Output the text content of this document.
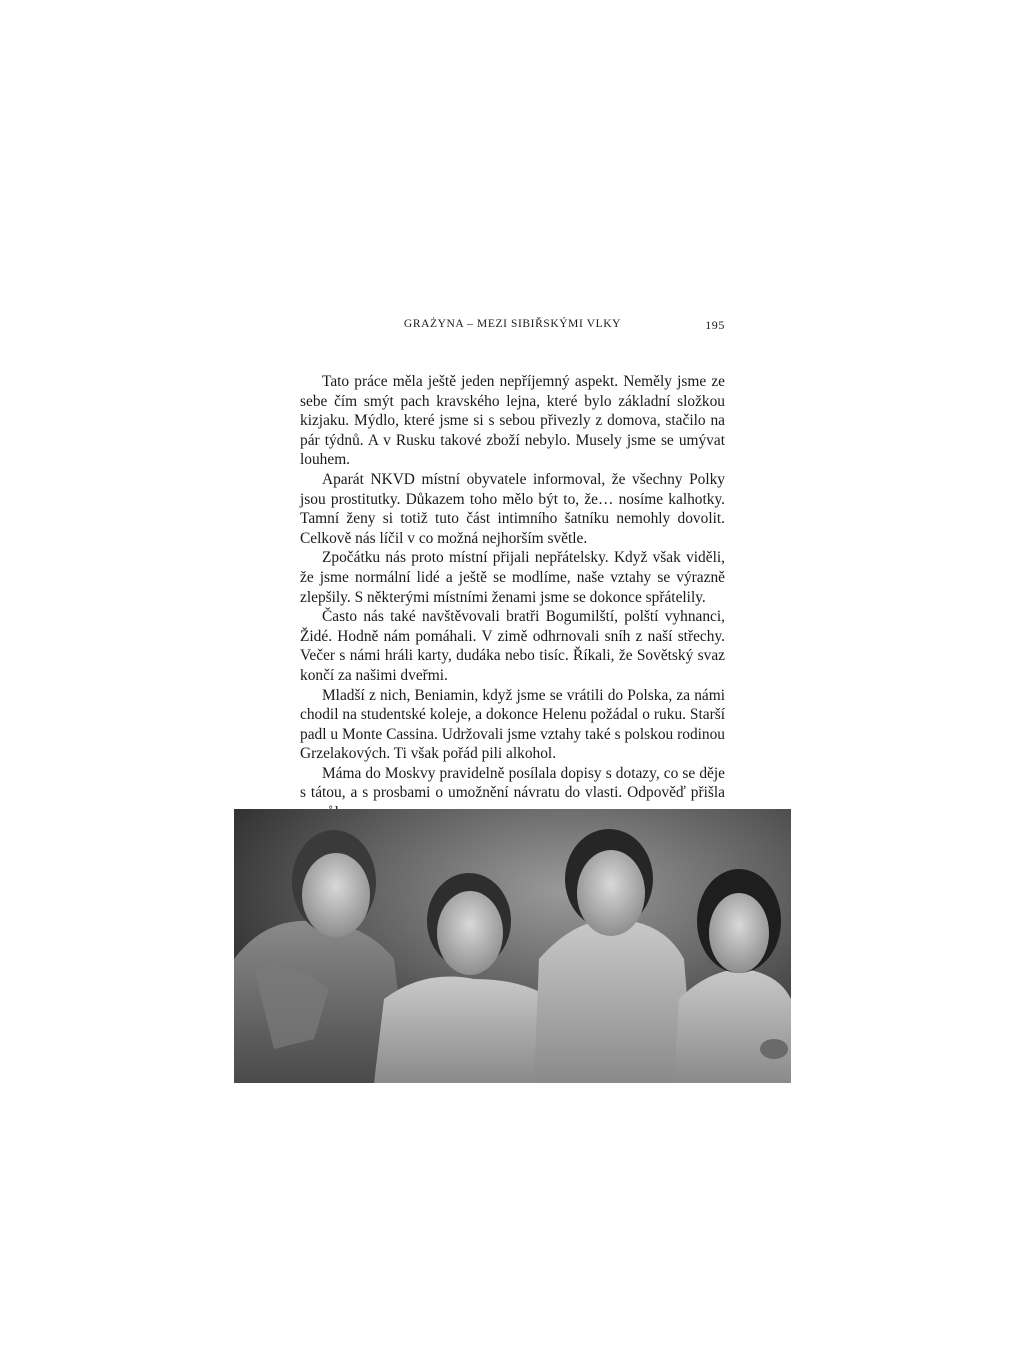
GRAŻYNA – MEZI SIBIŘSKÝMI VLKY	195

Tato práce měla ještě jeden nepříjemný aspekt. Neměly jsme ze sebe čím smýt pach kravského lejna, které bylo základní složkou kizjaku. Mýdlo, které jsme si s sebou přivezly z domova, stačilo na pár týdnů. A v Rusku takové zboží nebylo. Musely jsme se umývat louhem.

Aparát NKVD místní obyvatele informoval, že všechny Polky jsou prostitutky. Důkazem toho mělo být to, že… nosíme kalhotky. Tamní ženy si totiž tuto část intimního šatníku nemohly dovolit. Celkově nás líčil v co možná nejhorším světle.

Zpočátku nás proto místní přijali nepřátelsky. Když však viděli, že jsme normální lidé a ještě se modlíme, naše vztahy se výrazně zlepšily. S některými místními ženami jsme se dokonce spřátelily.

Často nás také navštěvovali bratři Bogumilští, polští vyhnanci, Židé. Hodně nám pomáhali. V zimě odhrnovali sníh z naší střechy. Večer s námi hráli karty, dudáka nebo tisíc. Říkali, že Sovětský svaz končí za našimi dveřmi.

Mladší z nich, Beniamin, když jsme se vrátili do Polska, za námi chodil na studentské koleje, a dokonce Helenu požádal o ruku. Starší padl u Monte Cassina. Udržovali jsme vztahy také s polskou rodinou Grzelakových. Ti však pořád pili alkohol.

Máma do Moskvy pravidelně posílala dopisy s dotazy, co se děje s tátou, a s prosbami o umožnění návratu do vlasti. Odpověď přišla
